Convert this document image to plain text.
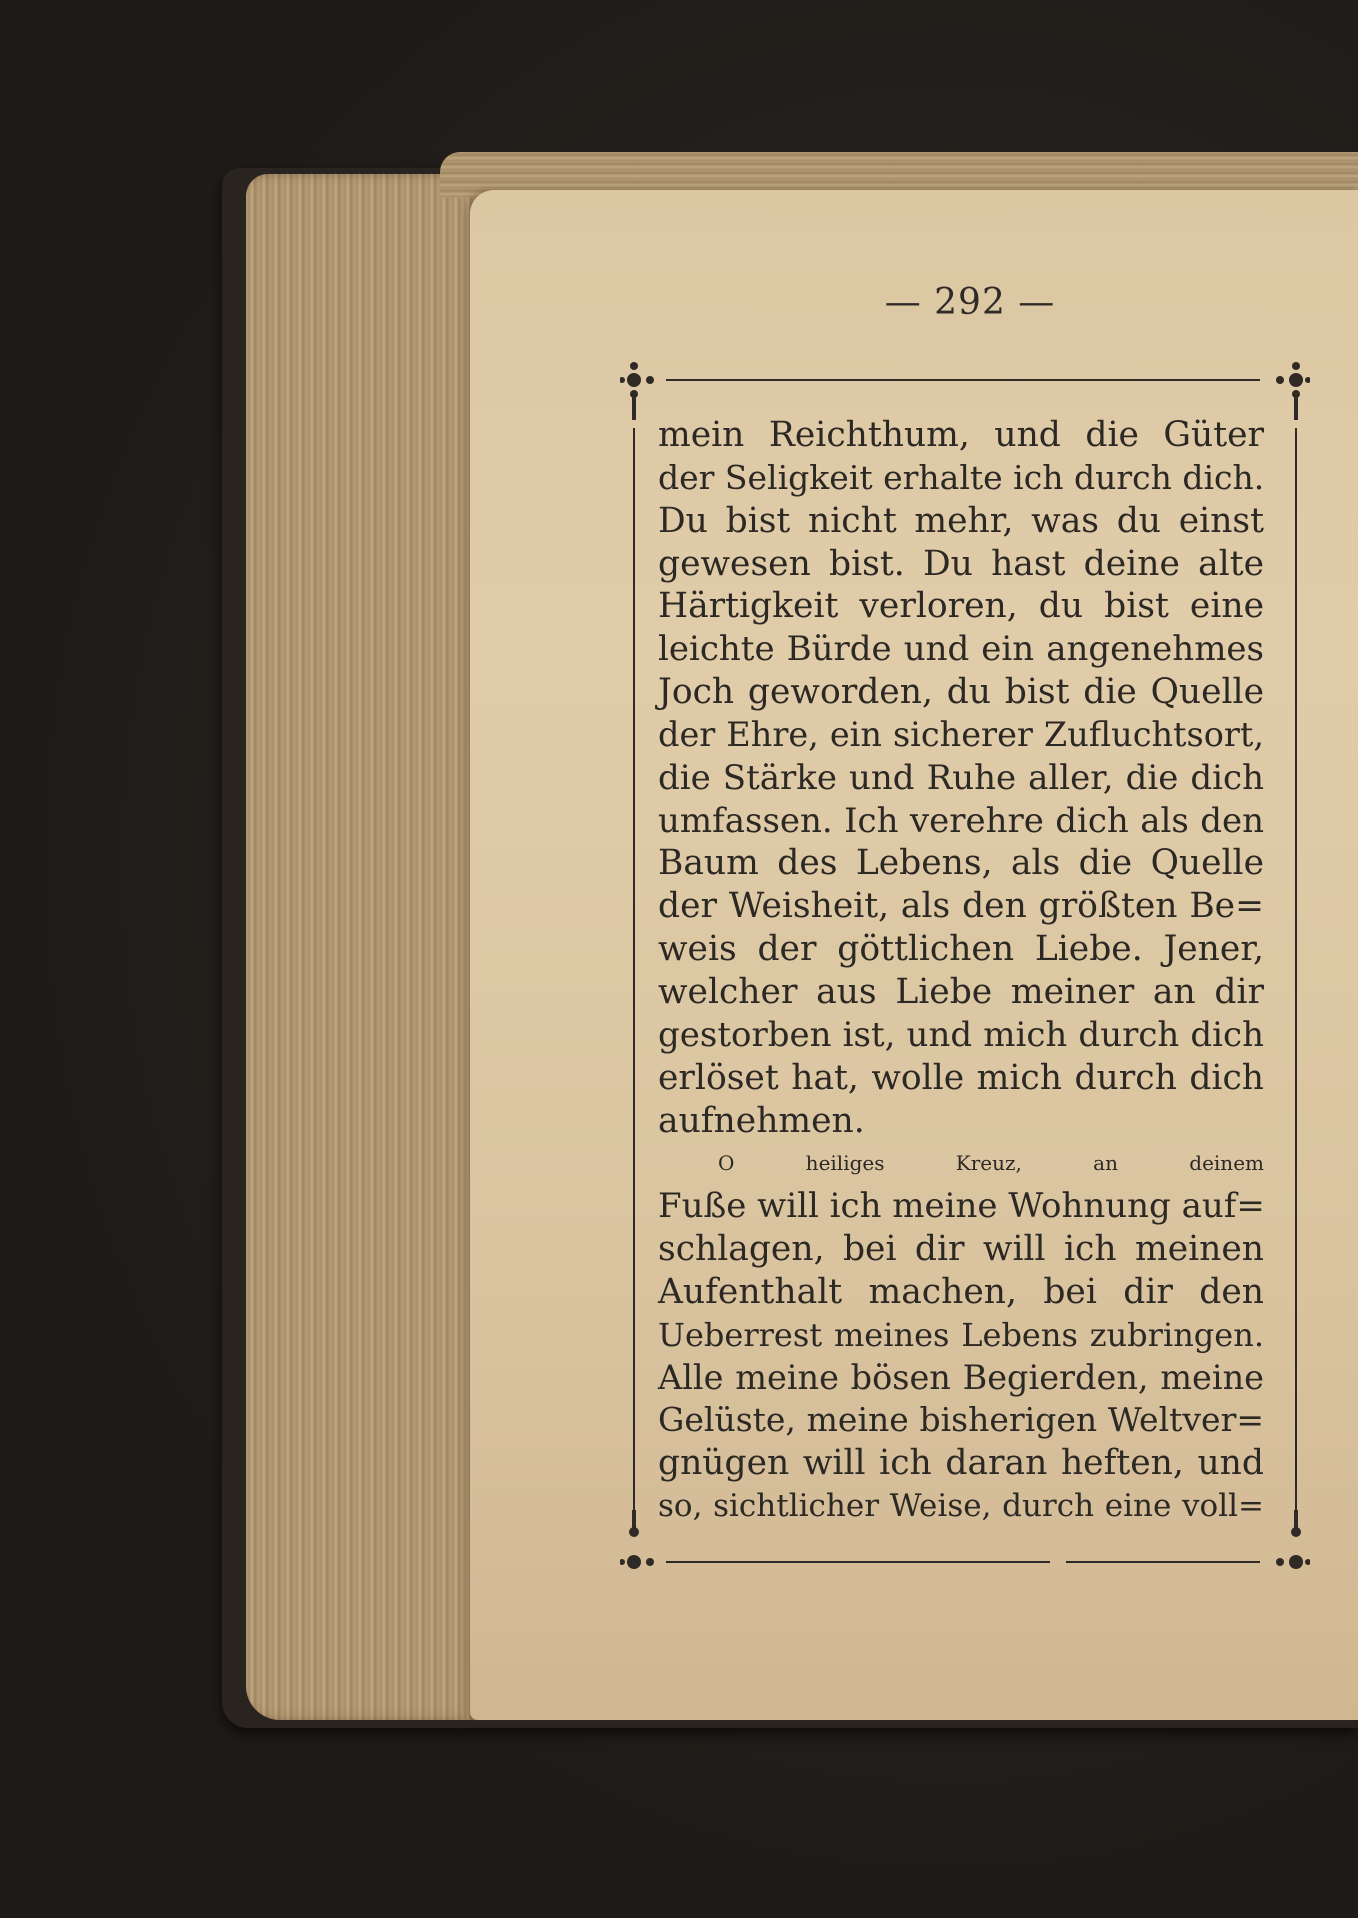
— 292 —
mein Reichthum, und die Güter
der Seligkeit erhalte ich durch dich.
Du bist nicht mehr, was du einst
gewesen bist. Du hast deine alte
Härtigkeit verloren, du bist eine
leichte Bürde und ein angenehmes
Joch geworden, du bist die Quelle
der Ehre, ein sicherer Zufluchtsort,
die Stärke und Ruhe aller, die dich
umfassen. Ich verehre dich als den
Baum des Lebens, als die Quelle
der Weisheit, als den größten Be=
weis der göttlichen Liebe. Jener,
welcher aus Liebe meiner an dir
gestorben ist, und mich durch dich
erlöset hat, wolle mich durch dich
aufnehmen.
O heiliges Kreuz, an deinem
Fuße will ich meine Wohnung auf=
schlagen, bei dir will ich meinen
Aufenthalt machen, bei dir den
Ueberrest meines Lebens zubringen.
Alle meine bösen Begierden, meine
Gelüste, meine bisherigen Weltver=
gnügen will ich daran heften, und
so, sichtlicher Weise, durch eine voll=
